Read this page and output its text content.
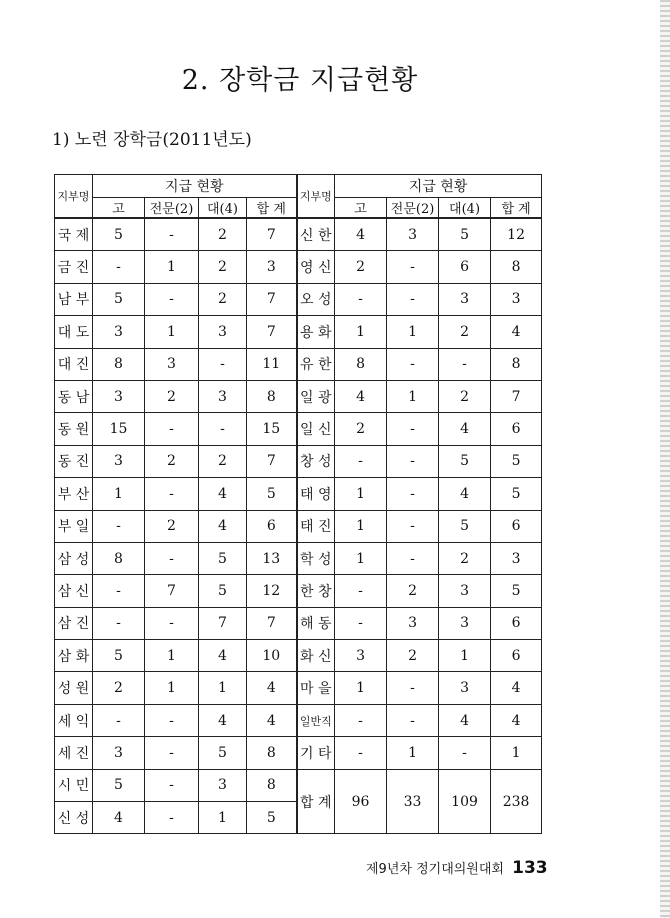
2. 장학금 지급현황
1) 노련 장학금(2011년도)
지부명	지급 현황				지부명	지급 현황			
	고	전문(2)	대(4)	합 계		고	전문(2)	대(4)	합 계
국 제	5	-	2	7	신 한	4	3	5	12
금 진	-	1	2	3	영 신	2	-	6	8
남 부	5	-	2	7	오 성	-	-	3	3
대 도	3	1	3	7	용 화	1	1	2	4
대 진	8	3	-	11	유 한	8	-	-	8
동 남	3	2	3	8	일 광	4	1	2	7
동 원	15	-	-	15	일 신	2	-	4	6
동 진	3	2	2	7	창 성	-	-	5	5
부 산	1	-	4	5	태 영	1	-	4	5
부 일	-	2	4	6	태 진	1	-	5	6
삼 성	8	-	5	13	학 성	1	-	2	3
삼 신	-	7	5	12	한 창	-	2	3	5
삼 진	-	-	7	7	해 동	-	3	3	6
삼 화	5	1	4	10	화 신	3	2	1	6
성 원	2	1	1	4	마 을	1	-	3	4
세 익	-	-	4	4	일반직	-	-	4	4
세 진	3	-	5	8	기 타	-	1	-	1
시 민	5	-	3	8	합 계	96	33	109	238
신 성	4	-	1	5					
제9년차 정기대의원대회 133
